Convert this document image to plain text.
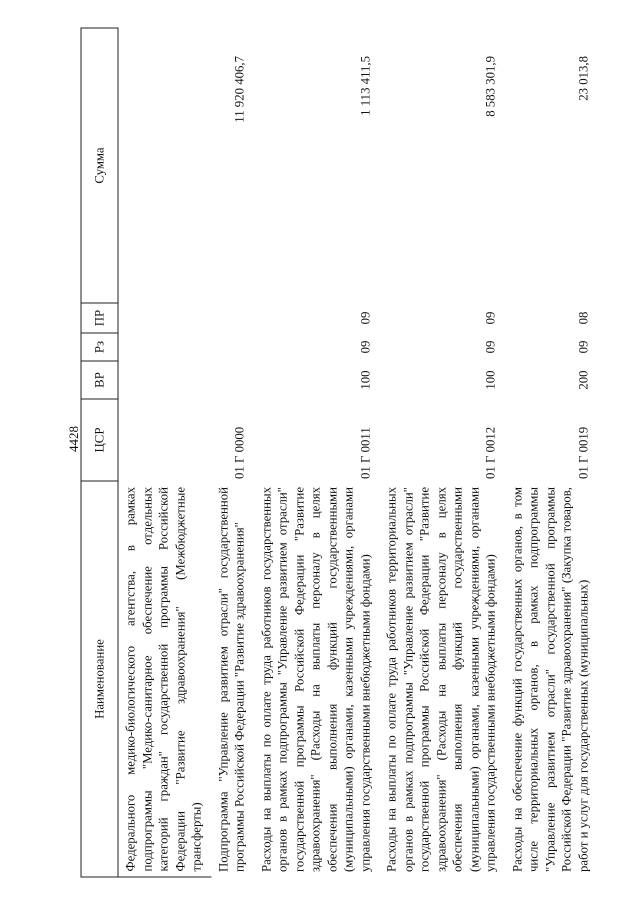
4428
Наименование	ЦСР	ВР	Рз	ПР	Сумма
Федерального медико-биологического агентства, в рамках подпрограммы "Медико-санитарное обеспечение отдельных категорий граждан" государственной программы Российской Федерации "Развитие здравоохранения" (Межбюджетные трансферты)					
Подпрограмма "Управление развитием отрасли" государственной программы Российской Федерации "Развитие здравоохранения"	01 Г 0000				11 920 406,7
Расходы на выплаты по оплате труда работников государственных органов в рамках подпрограммы "Управление развитием отрасли" государственной программы Российской Федерации "Развитие здравоохранения" (Расходы на выплаты персоналу в целях обеспечения выполнения функций государственными (муниципальными) органами, казенными учреждениями, органами управления государственными внебюджетными фондами)	01 Г 0011	100	09	09	1 113 411,5
Расходы на выплаты по оплате труда работников территориальных органов в рамках подпрограммы "Управление развитием отрасли" государственной программы Российской Федерации "Развитие здравоохранения" (Расходы на выплаты персоналу в целях обеспечения выполнения функций государственными (муниципальными) органами, казенными учреждениями, органами управления государственными внебюджетными фондами)	01 Г 0012	100	09	09	8 583 301,9
Расходы на обеспечение функций государственных органов, в том числе территориальных органов, в рамках подпрограммы "Управление развитием отрасли" государственной программы Российской Федерации "Развитие здравоохранения" (Закупка товаров, работ и услуг для государственных (муниципальных)	01 Г 0019	200	09	08	23 013,8
